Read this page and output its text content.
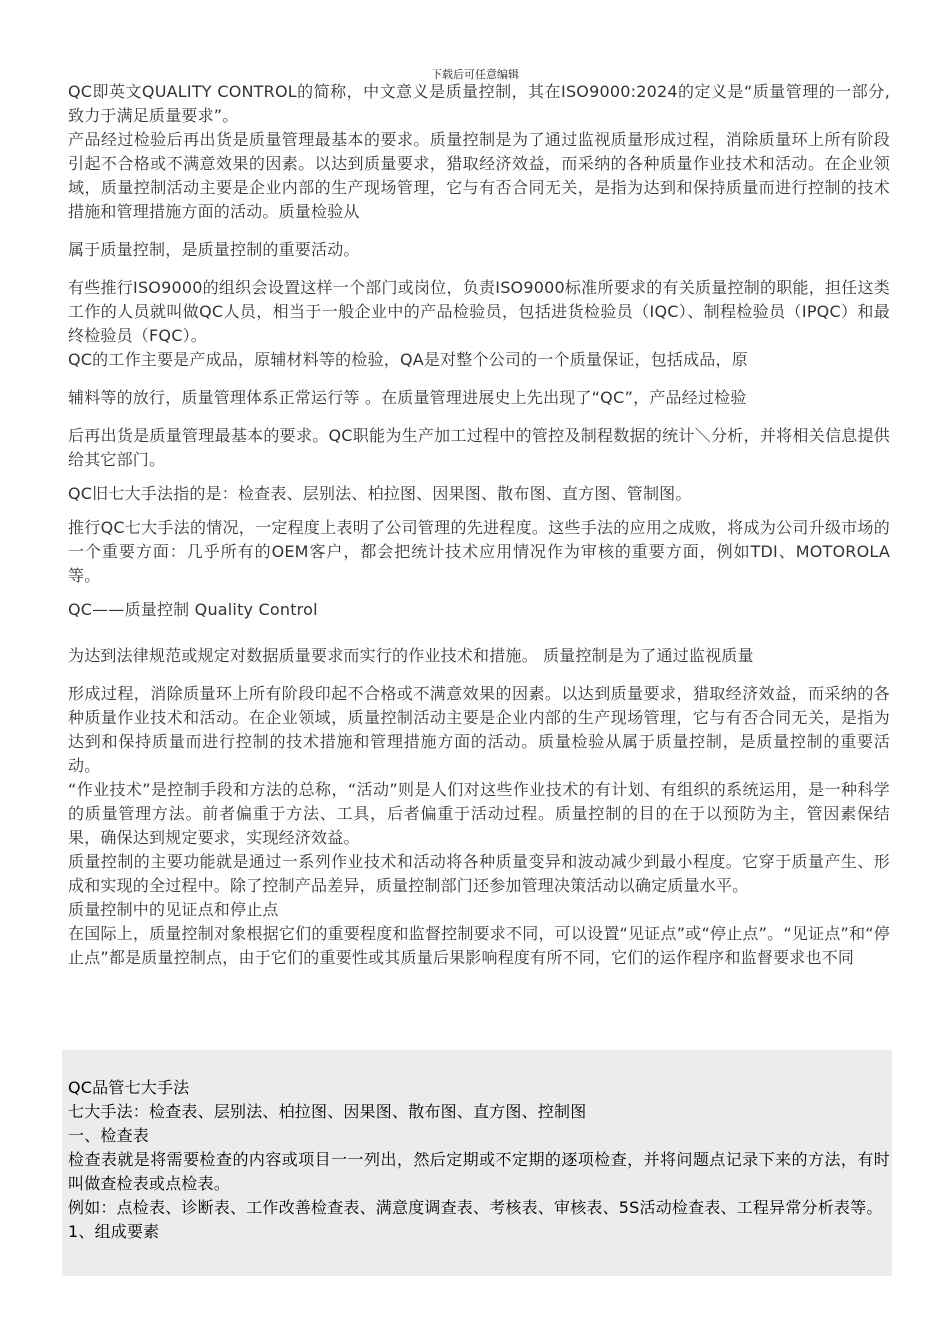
下载后可任意编辑

QC即英文QUALITY CONTROL的简称，中文意义是质量控制，其在ISO9000:2024的定义是“质量管理的一部分,致力于满足质量要求”。

产品经过检验后再出货是质量管理最基本的要求。质量控制是为了通过监视质量形成过程，消除质量环上所有阶段引起不合格或不满意效果的因素。以达到质量要求，猎取经济效益，而采纳的各种质量作业技术和活动。在企业领域，质量控制活动主要是企业内部的生产现场管理，它与有否合同无关，是指为达到和保持质量而进行控制的技术措施和管理措施方面的活动。质量检验从

属于质量控制，是质量控制的重要活动。

有些推行ISO9000的组织会设置这样一个部门或岗位，负责ISO9000标准所要求的有关质量控制的职能，担任这类工作的人员就叫做QC人员，相当于一般企业中的产品检验员，包括进货检验员（IQC）、制程检验员（IPQC）和最终检验员（FQC）。

QC的工作主要是产成品，原辅材料等的检验，QA是对整个公司的一个质量保证，包括成品，原

辅料等的放行，质量管理体系正常运行等 。在质量管理进展史上先出现了“QC”，产品经过检验

后再出货是质量管理最基本的要求。QC职能为生产加工过程中的管控及制程数据的统计＼分析，并将相关信息提供给其它部门。

QC旧七大手法指的是：检查表、层别法、柏拉图、因果图、散布图、直方图、管制图。

推行QC七大手法的情况，一定程度上表明了公司管理的先进程度。这些手法的应用之成败，将成为公司升级市场的一个重要方面：几乎所有的OEM客户，都会把统计技术应用情况作为审核的重要方面，例如TDI、MOTOROLA等。

QC——质量控制 Quality Control

为达到法律规范或规定对数据质量要求而实行的作业技术和措施。 质量控制是为了通过监视质量

形成过程，消除质量环上所有阶段印起不合格或不满意效果的因素。以达到质量要求，猎取经济效益，而采纳的各种质量作业技术和活动。在企业领域，质量控制活动主要是企业内部的生产现场管理，它与有否合同无关，是指为达到和保持质量而进行控制的技术措施和管理措施方面的活动。质量检验从属于质量控制，是质量控制的重要活动。

“作业技术”是控制手段和方法的总称，“活动”则是人们对这些作业技术的有计划、有组织的系统运用，是一种科学的质量管理方法。前者偏重于方法、工具，后者偏重于活动过程。质量控制的目的在于以预防为主，管因素保结果，确保达到规定要求，实现经济效益。

质量控制的主要功能就是通过一系列作业技术和活动将各种质量变异和波动减少到最小程度。它穿于质量产生、形成和实现的全过程中。除了控制产品差异，质量控制部门还参加管理决策活动以确定质量水平。

质量控制中的见证点和停止点

在国际上，质量控制对象根据它们的重要程度和监督控制要求不同，可以设置“见证点”或“停止点”。“见证点”和“停止点”都是质量控制点，由于它们的重要性或其质量后果影响程度有所不同，它们的运作程序和监督要求也不同

QC品管七大手法

七大手法：检查表、层别法、柏拉图、因果图、散布图、直方图、控制图

一、检查表

检查表就是将需要检查的内容或项目一一列出，然后定期或不定期的逐项检查，并将问题点记录下来的方法，有时叫做查检表或点检表。

例如：点检表、诊断表、工作改善检查表、满意度调查表、考核表、审核表、5S活动检查表、工程异常分析表等。

1、组成要素
